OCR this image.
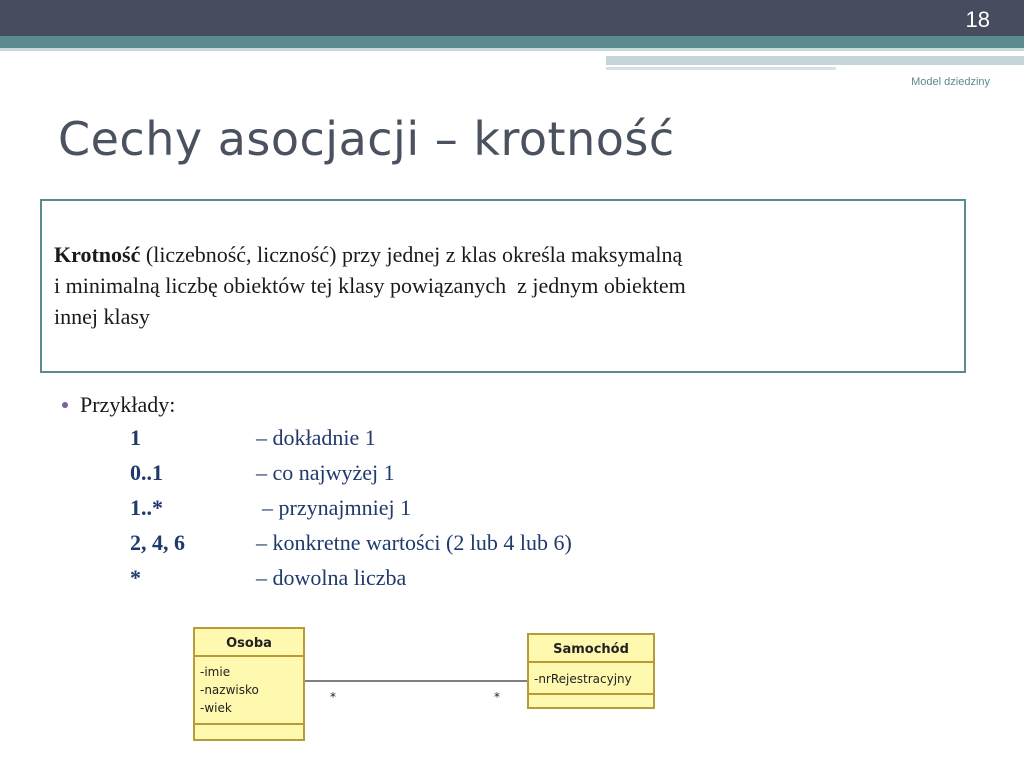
18
Model dziedziny
Cechy asocjacji – krotność
Krotność (liczebność, liczność) przy jednej z klas określa maksymalną
i minimalną liczbę obiektów tej klasy powiązanych  z jednym obiektem
innej klasy
Przykłady:
1	– dokładnie 1
0..1	– co najwyżej 1
1..*	– przynajmniej 1
2, 4, 6	– konkretne wartości (2 lub 4 lub 6)
*	– dowolna liczba
Osoba
-imie
-nazwisko
-wiek
Samochód
-nrRejestracyjny
*	*
